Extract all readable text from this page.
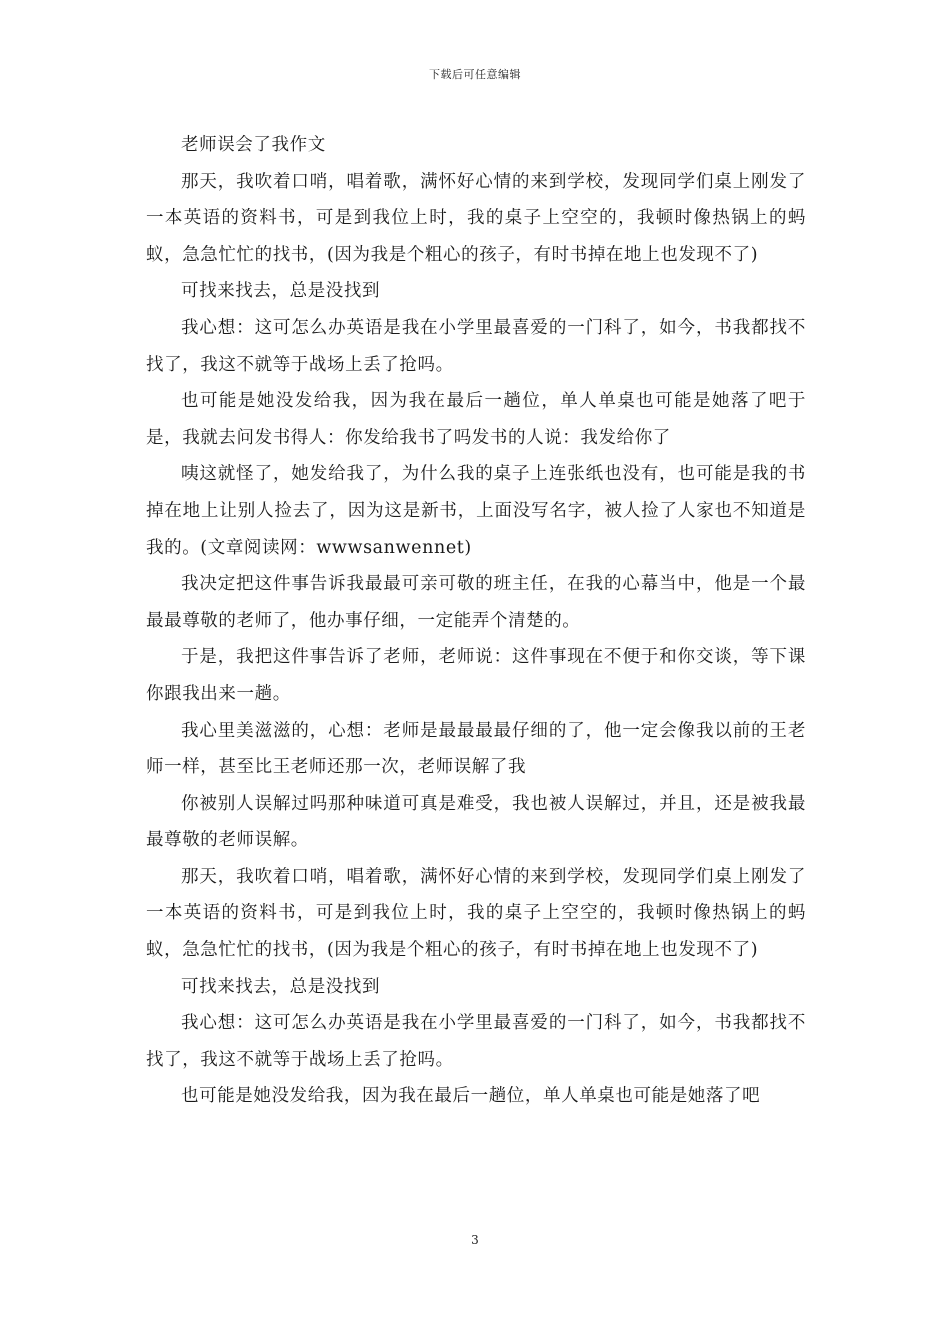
下载后可任意编辑

老师误会了我作文

那天，我吹着口哨，唱着歌，满怀好心情的来到学校，发现同学们桌上刚发了一本英语的资料书，可是到我位上时，我的桌子上空空的，我顿时像热锅上的蚂蚁，急急忙忙的找书，(因为我是个粗心的孩子，有时书掉在地上也发现不了)

可找来找去，总是没找到

我心想：这可怎么办英语是我在小学里最喜爱的一门科了，如今，书我都找不找了，我这不就等于战场上丢了抢吗。

也可能是她没发给我，因为我在最后一趟位，单人单桌也可能是她落了吧于是，我就去问发书得人：你发给我书了吗发书的人说：我发给你了

咦这就怪了，她发给我了，为什么我的桌子上连张纸也没有，也可能是我的书掉在地上让别人捡去了，因为这是新书，上面没写名字，被人捡了人家也不知道是我的。(文章阅读网：wwwsanwennet)

我决定把这件事告诉我最最可亲可敬的班主任，在我的心幕当中，他是一个最最最尊敬的老师了，他办事仔细，一定能弄个清楚的。

于是，我把这件事告诉了老师，老师说：这件事现在不便于和你交谈，等下课你跟我出来一趟。

我心里美滋滋的，心想：老师是最最最最仔细的了，他一定会像我以前的王老师一样，甚至比王老师还那一次，老师误解了我

你被别人误解过吗那种味道可真是难受，我也被人误解过，并且，还是被我最最尊敬的老师误解。

那天，我吹着口哨，唱着歌，满怀好心情的来到学校，发现同学们桌上刚发了一本英语的资料书，可是到我位上时，我的桌子上空空的，我顿时像热锅上的蚂蚁，急急忙忙的找书，(因为我是个粗心的孩子，有时书掉在地上也发现不了)

可找来找去，总是没找到

我心想：这可怎么办英语是我在小学里最喜爱的一门科了，如今，书我都找不找了，我这不就等于战场上丢了抢吗。

也可能是她没发给我，因为我在最后一趟位，单人单桌也可能是她落了吧

3
